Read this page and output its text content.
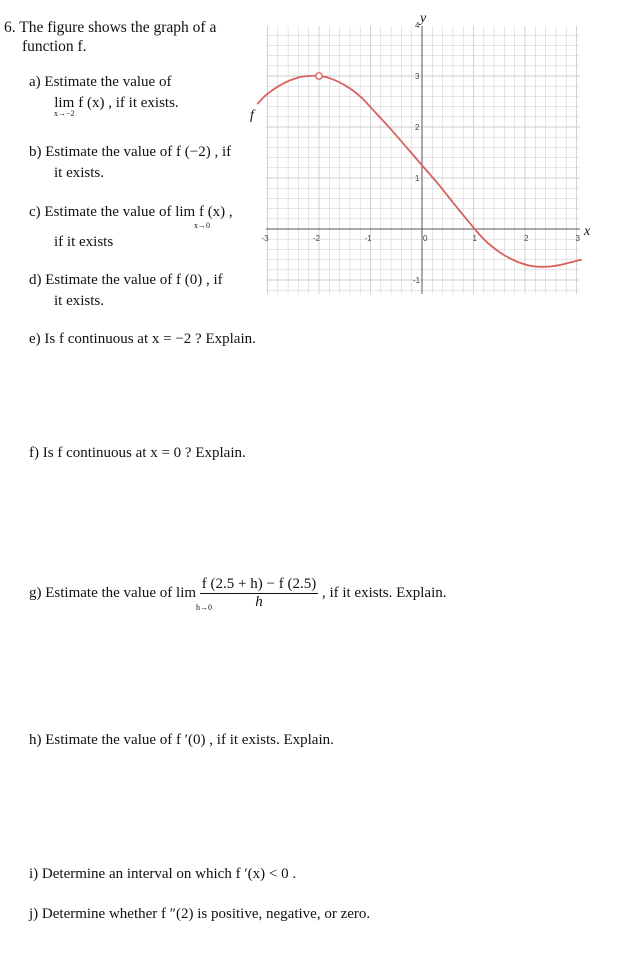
6. The figure shows the graph of a
function f.
a) Estimate the value of
lim
x→−2
f (x) , if it exists.
b) Estimate the value of f (−2) , if
it exists.
c) Estimate the value of lim f (x) ,
x→0
if it exists
d) Estimate the value of f (0) , if
it exists.
e) Is f continuous at x = −2 ? Explain.
f) Is f continuous at x = 0 ? Explain.
g) Estimate the value of $\lim \frac{f (2.5 + h) - f (2.5)}{h}$ , if it exists. Explain.
h→0
h) Estimate the value of f ′(0) , if it exists. Explain.
i) Determine an interval on which f ′(x) < 0 .
j) Determine whether f ″(2) is positive, negative, or zero.
-3	-2	-1	0	1	2	3
4
3
2
1
-1
f
x
y
